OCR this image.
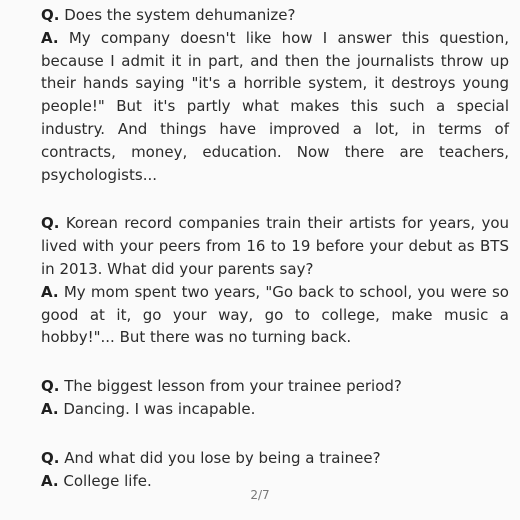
Q. Does the system dehumanize?

A. My company doesn't like how I answer this question, because I admit it in part, and then the journalists throw up their hands saying "it's a horrible system, it destroys young people!" But it's partly what makes this such a special industry. And things have improved a lot, in terms of contracts, money, education. Now there are teachers, psychologists...

Q. Korean record companies train their artists for years, you lived with your peers from 16 to 19 before your debut as BTS in 2013. What did your parents say?

A. My mom spent two years, "Go back to school, you were so good at it, go your way, go to college, make music a hobby!"... But there was no turning back.

Q. The biggest lesson from your trainee period?

A. Dancing. I was incapable.

Q. And what did you lose by being a trainee?

A. College life.

2/7
